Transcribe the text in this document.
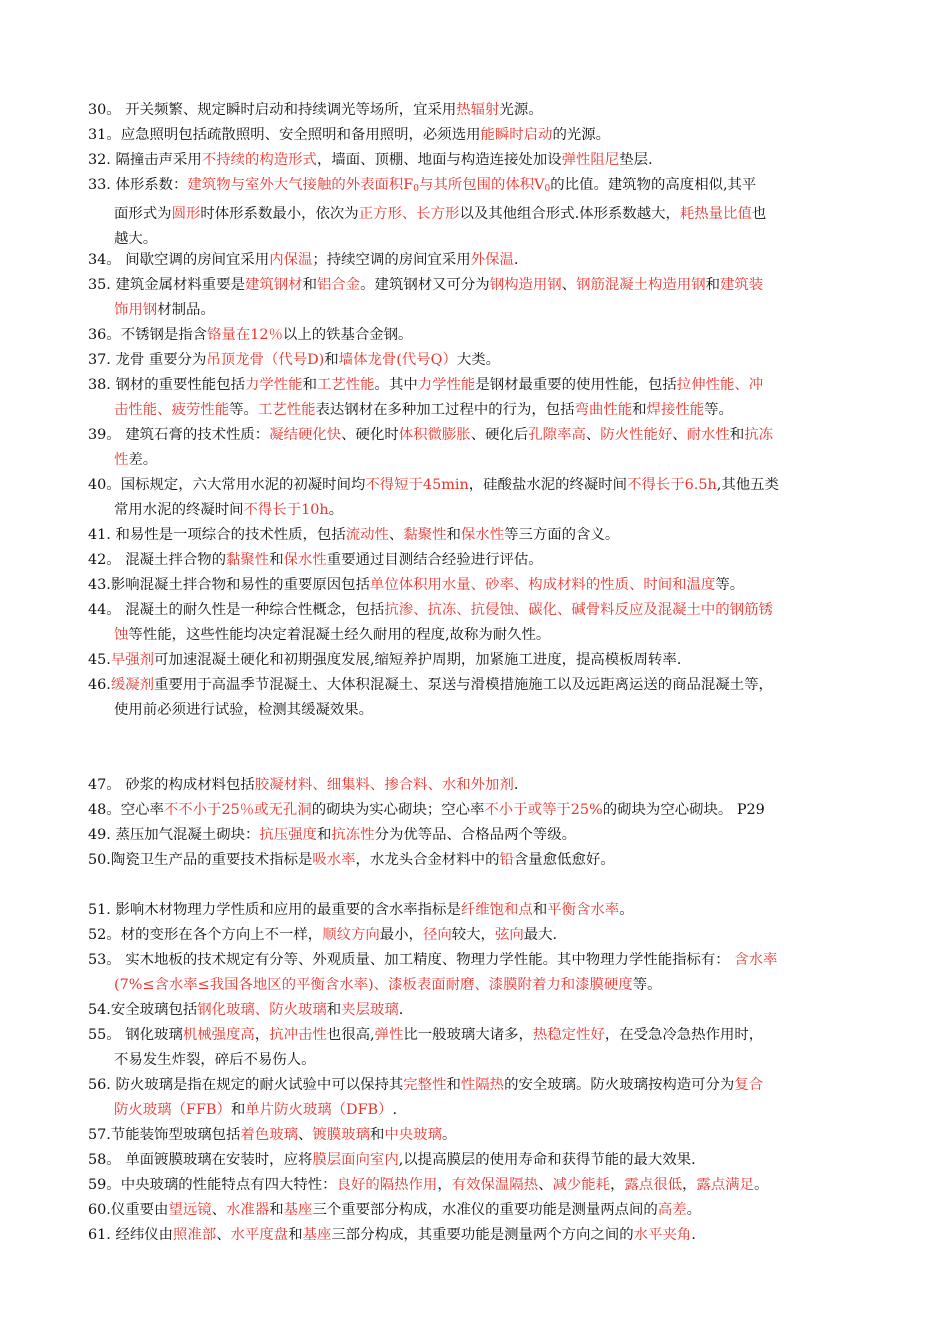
30。 开关频繁、规定瞬时启动和持续调光等场所，宜采用热辐射光源。
31。应急照明包括疏散照明、安全照明和备用照明，必须选用能瞬时启动的光源。
32. 隔撞击声采用不持续的构造形式，墙面、顶棚、地面与构造连接处加设弹性阻尼垫层.
33. 体形系数：建筑物与室外大气接触的外表面积$F_0$与其所包围的体积$V_0$的比值。建筑物的高度相似,其平
面形式为圆形时体形系数最小，依次为正方形、长方形以及其他组合形式.体形系数越大，耗热量比值也
越大。
34。 间歇空调的房间宜采用内保温；持续空调的房间宜采用外保温.
35. 建筑金属材料重要是建筑钢材和铝合金。建筑钢材又可分为钢构造用钢、钢筋混凝土构造用钢和建筑装
饰用钢材制品。
36。不锈钢是指含铬量在12％以上的铁基合金钢。
37. 龙骨 重要分为吊顶龙骨（代号D)和墙体龙骨(代号Q）大类。
38. 钢材的重要性能包括力学性能和工艺性能。其中力学性能是钢材最重要的使用性能，包括拉伸性能、冲
击性能、疲劳性能等。工艺性能表达钢材在多种加工过程中的行为，包括弯曲性能和焊接性能等。
39。 建筑石膏的技术性质：凝结硬化快、硬化时体积微膨胀、硬化后孔隙率高、防火性能好、耐水性和抗冻
性差。
40。国标规定，六大常用水泥的初凝时间均不得短于45min，硅酸盐水泥的终凝时间不得长于6.5h,其他五类
常用水泥的终凝时间不得长于10h。
41. 和易性是一项综合的技术性质，包括流动性、黏聚性和保水性等三方面的含义。
42。 混凝土拌合物的黏聚性和保水性重要通过目测结合经验进行评估。
43.影响混凝土拌合物和易性的重要原因包括单位体积用水量、砂率、构成材料的性质、时间和温度等。
44。 混凝土的耐久性是一种综合性概念，包括抗渗、抗冻、抗侵蚀、碳化、碱骨料反应及混凝土中的钢筋锈
蚀等性能，这些性能均决定着混凝土经久耐用的程度,故称为耐久性。
45.早强剂可加速混凝土硬化和初期强度发展,缩短养护周期，加紧施工进度，提高模板周转率.
46.缓凝剂重要用于高温季节混凝土、大体积混凝土、泵送与滑模措施施工以及远距离运送的商品混凝土等，
使用前必须进行试验，检测其缓凝效果。
47。 砂浆的构成材料包括胶凝材料、细集料、掺合料、水和外加剂.
48。空心率不不小于25％或无孔洞的砌块为实心砌块；空心率不小于或等于25%的砌块为空心砌块。 P29
49. 蒸压加气混凝土砌块：抗压强度和抗冻性分为优等品、合格品两个等级。
50.陶瓷卫生产品的重要技术指标是吸水率，水龙头合金材料中的铅含量愈低愈好。
51. 影响木材物理力学性质和应用的最重要的含水率指标是纤维饱和点和平衡含水率。
52。材的变形在各个方向上不一样，顺纹方向最小，径向较大，弦向最大.
53。 实木地板的技术规定有分等、外观质量、加工精度、物理力学性能。其中物理力学性能指标有： 含水率
(7%≤含水率≤我国各地区的平衡含水率)、漆板表面耐磨、漆膜附着力和漆膜硬度等。
54.安全玻璃包括钢化玻璃、防火玻璃和夹层玻璃.
55。 钢化玻璃机械强度高，抗冲击性也很高,弹性比一般玻璃大诸多，热稳定性好，在受急冷急热作用时，
不易发生炸裂，碎后不易伤人。
56. 防火玻璃是指在规定的耐火试验中可以保持其完整性和性隔热的安全玻璃。防火玻璃按构造可分为复合
防火玻璃（FFB）和单片防火玻璃（DFB）.
57.节能装饰型玻璃包括着色玻璃、镀膜玻璃和中央玻璃。
58。 单面镀膜玻璃在安装时，应将膜层面向室内,以提高膜层的使用寿命和获得节能的最大效果.
59。中央玻璃的性能特点有四大特性：良好的隔热作用，有效保温隔热、减少能耗，露点很低，露点满足。
60.仪重要由望远镜、水准器和基座三个重要部分构成，水准仪的重要功能是测量两点间的高差。
61. 经纬仪由照准部、水平度盘和基座三部分构成，其重要功能是测量两个方向之间的水平夹角.
